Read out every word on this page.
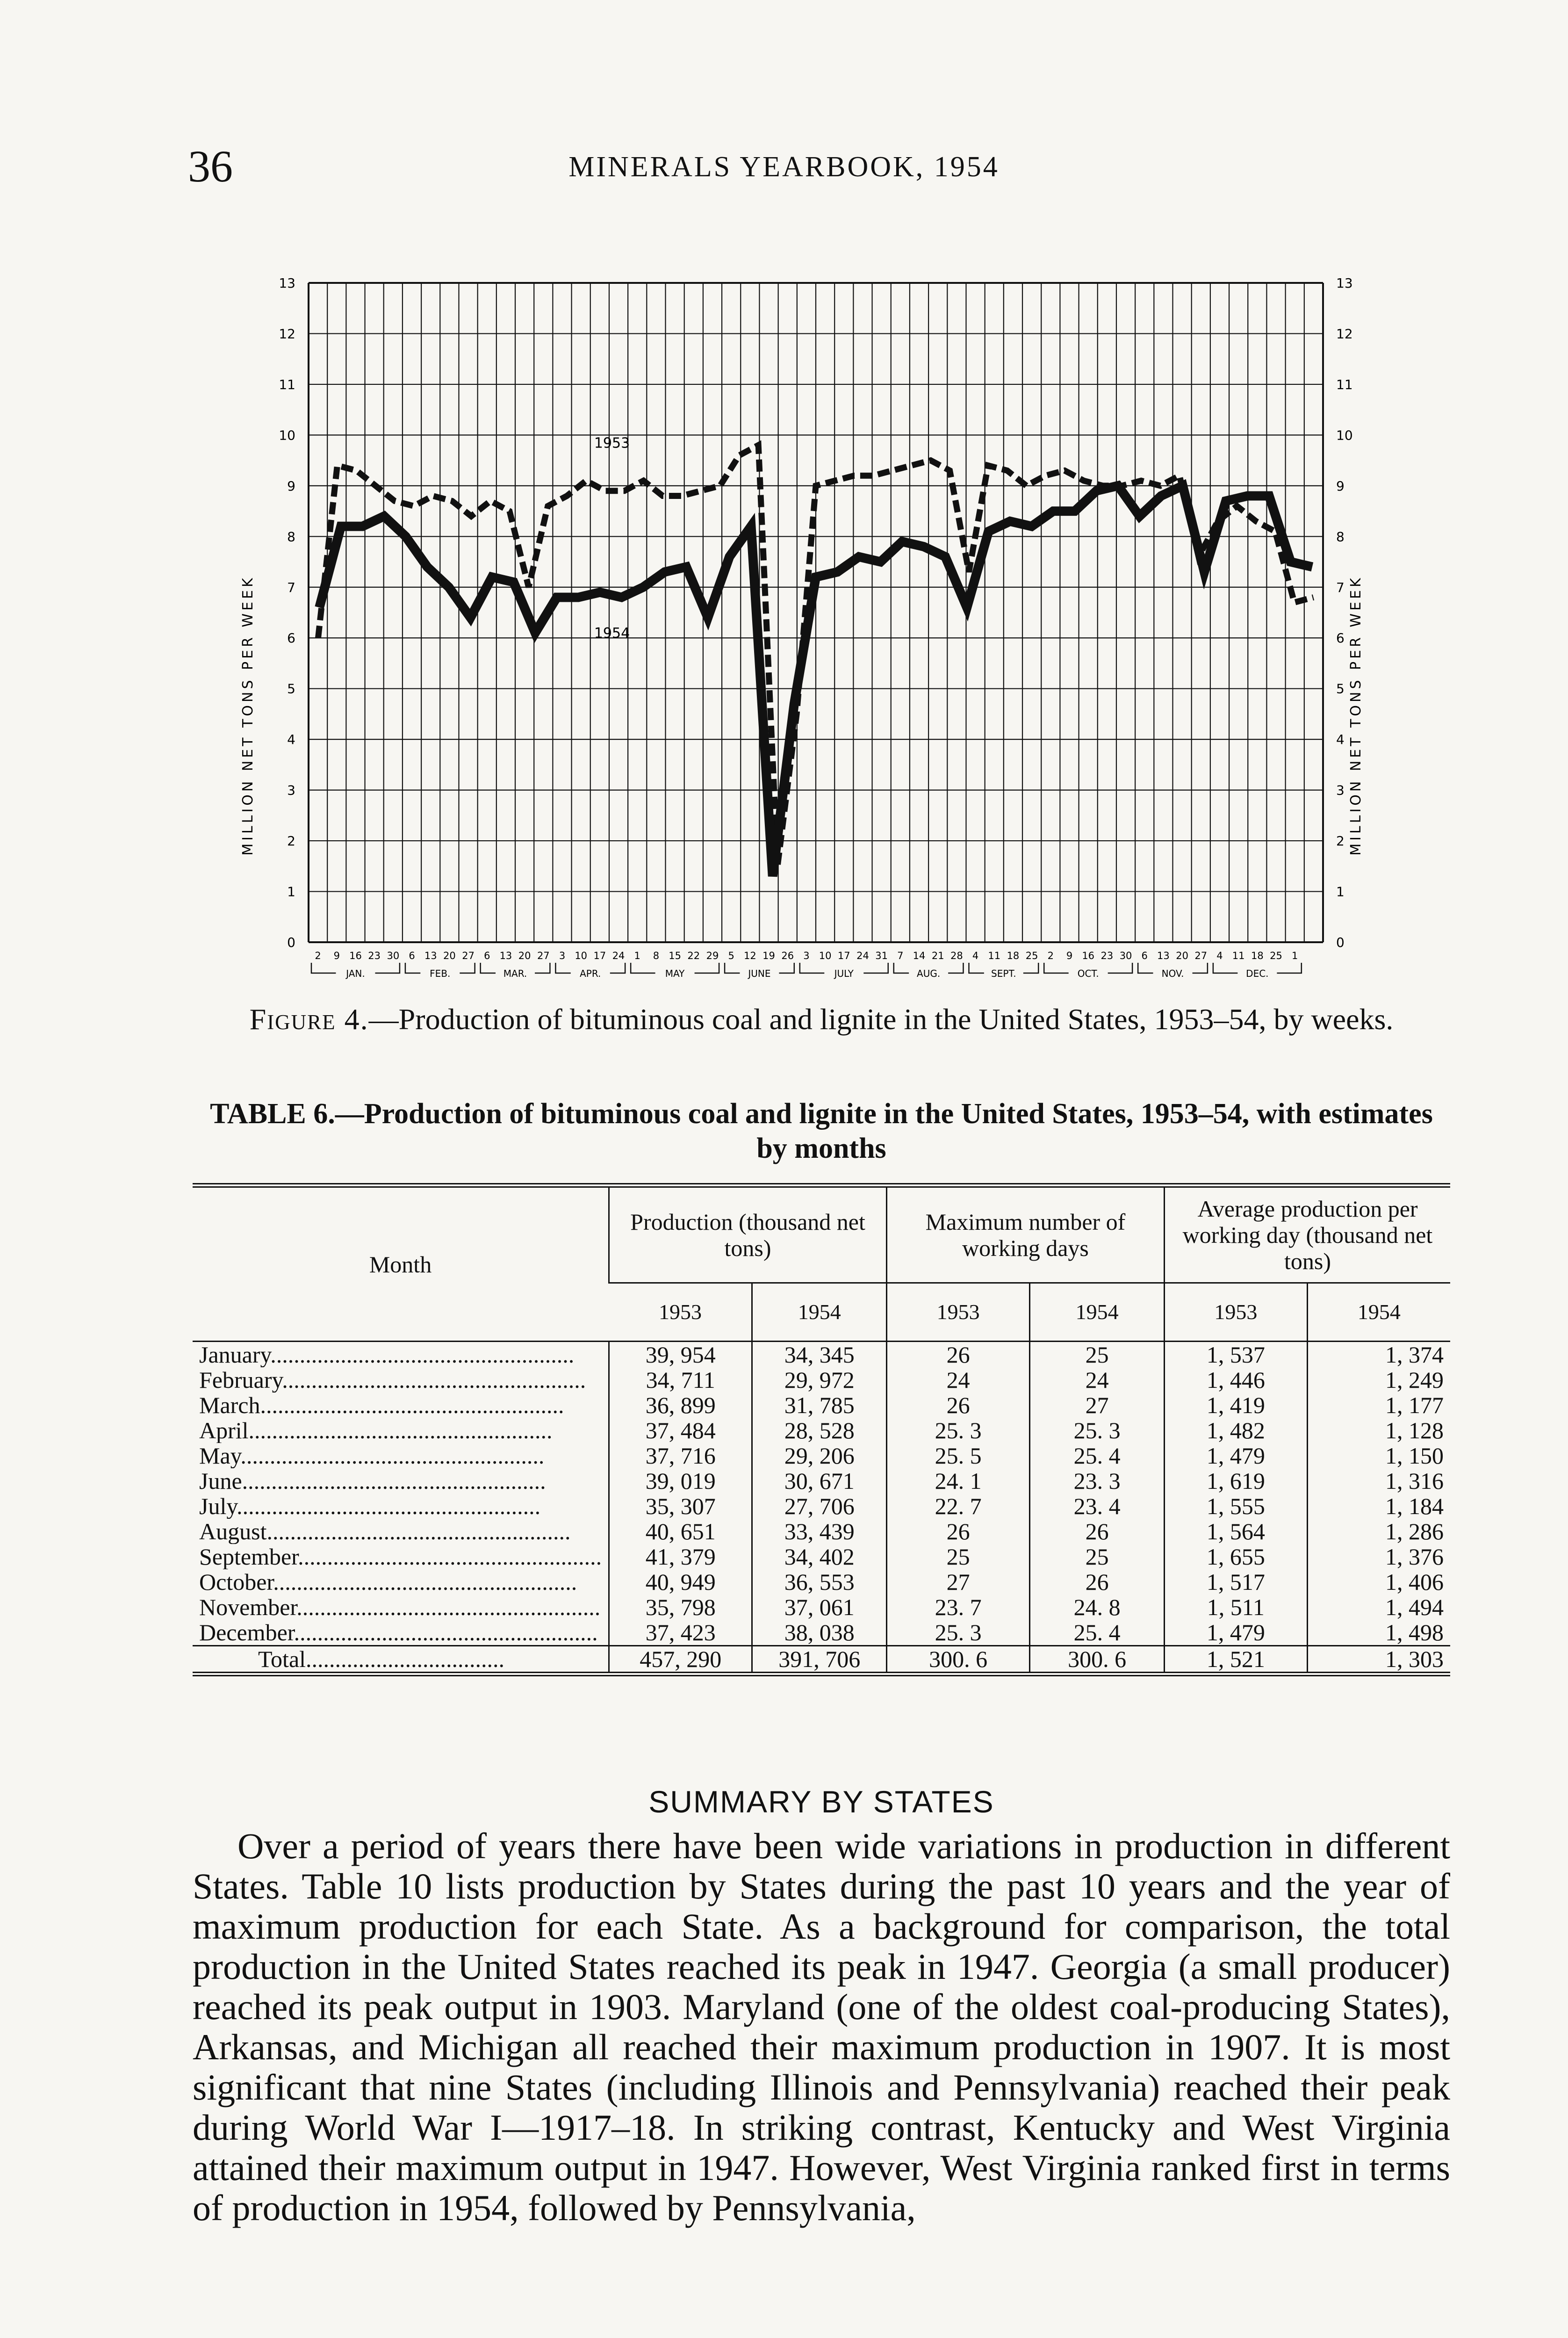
36	MINERALS YEARBOOK, 1954
0
1
2
3
4
5
6
7
8
9
10
11
12
13
0
1
2
3
4
5
6
7
8
9
10
11
12
13
MILLION NET TONS PER WEEK	MILLION NET TONS PER WEEK
2 9 16 23 30 6 13 20 27 6 13 20 27 3 10 17 24 1 8 15 22 29 5 12 19 26 3 10 17 24 31 7 14 21 28 4 11 18 25 2 9 16 23 30 6 13 20 27 4 11 18 25 1
JAN.	FEB.	MAR.	APR.	MAY	JUNE	JULY	AUG.	SEPT.	OCT.	NOV.	DEC.
1953
1954
Figure 4.—Production of bituminous coal and lignite in the United States, 1953–54, by weeks.
TABLE 6.—Production of bituminous coal and lignite in the United States, 1953–54, with estimates by months
Month	Production (thousand net tons)		Maximum number of working days		Average production per working day (thousand net tons)	
	1953	1954	1953	1954	1953	1954
January....................................................	39, 954	34, 345	26	25	1, 537	1, 374
February....................................................	34, 711	29, 972	24	24	1, 446	1, 249
March....................................................	36, 899	31, 785	26	27	1, 419	1, 177
April....................................................	37, 484	28, 528	25. 3	25. 3	1, 482	1, 128
May....................................................	37, 716	29, 206	25. 5	25. 4	1, 479	1, 150
June....................................................	39, 019	30, 671	24. 1	23. 3	1, 619	1, 316
July....................................................	35, 307	27, 706	22. 7	23. 4	1, 555	1, 184
August....................................................	40, 651	33, 439	26	26	1, 564	1, 286
September....................................................	41, 379	34, 402	25	25	1, 655	1, 376
October....................................................	40, 949	36, 553	27	26	1, 517	1, 406
November....................................................	35, 798	37, 061	23. 7	24. 8	1, 511	1, 494
December....................................................	37, 423	38, 038	25. 3	25. 4	1, 479	1, 498
Total..................................	457, 290	391, 706	300. 6	300. 6	1, 521	1, 303
SUMMARY BY STATES

Over a period of years there have been wide variations in production in different States. Table 10 lists production by States during the past 10 years and the year of maximum production for each State. As a background for comparison, the total production in the United States reached its peak in 1947. Georgia (a small producer) reached its peak output in 1903. Maryland (one of the oldest coal-producing States), Arkansas, and Michigan all reached their maximum production in 1907. It is most significant that nine States (including Illinois and Pennsylvania) reached their peak during World War I—1917–18. In striking contrast, Kentucky and West Virginia attained their maximum output in 1947. However, West Virginia ranked first in terms of production in 1954, followed by Pennsylvania,
